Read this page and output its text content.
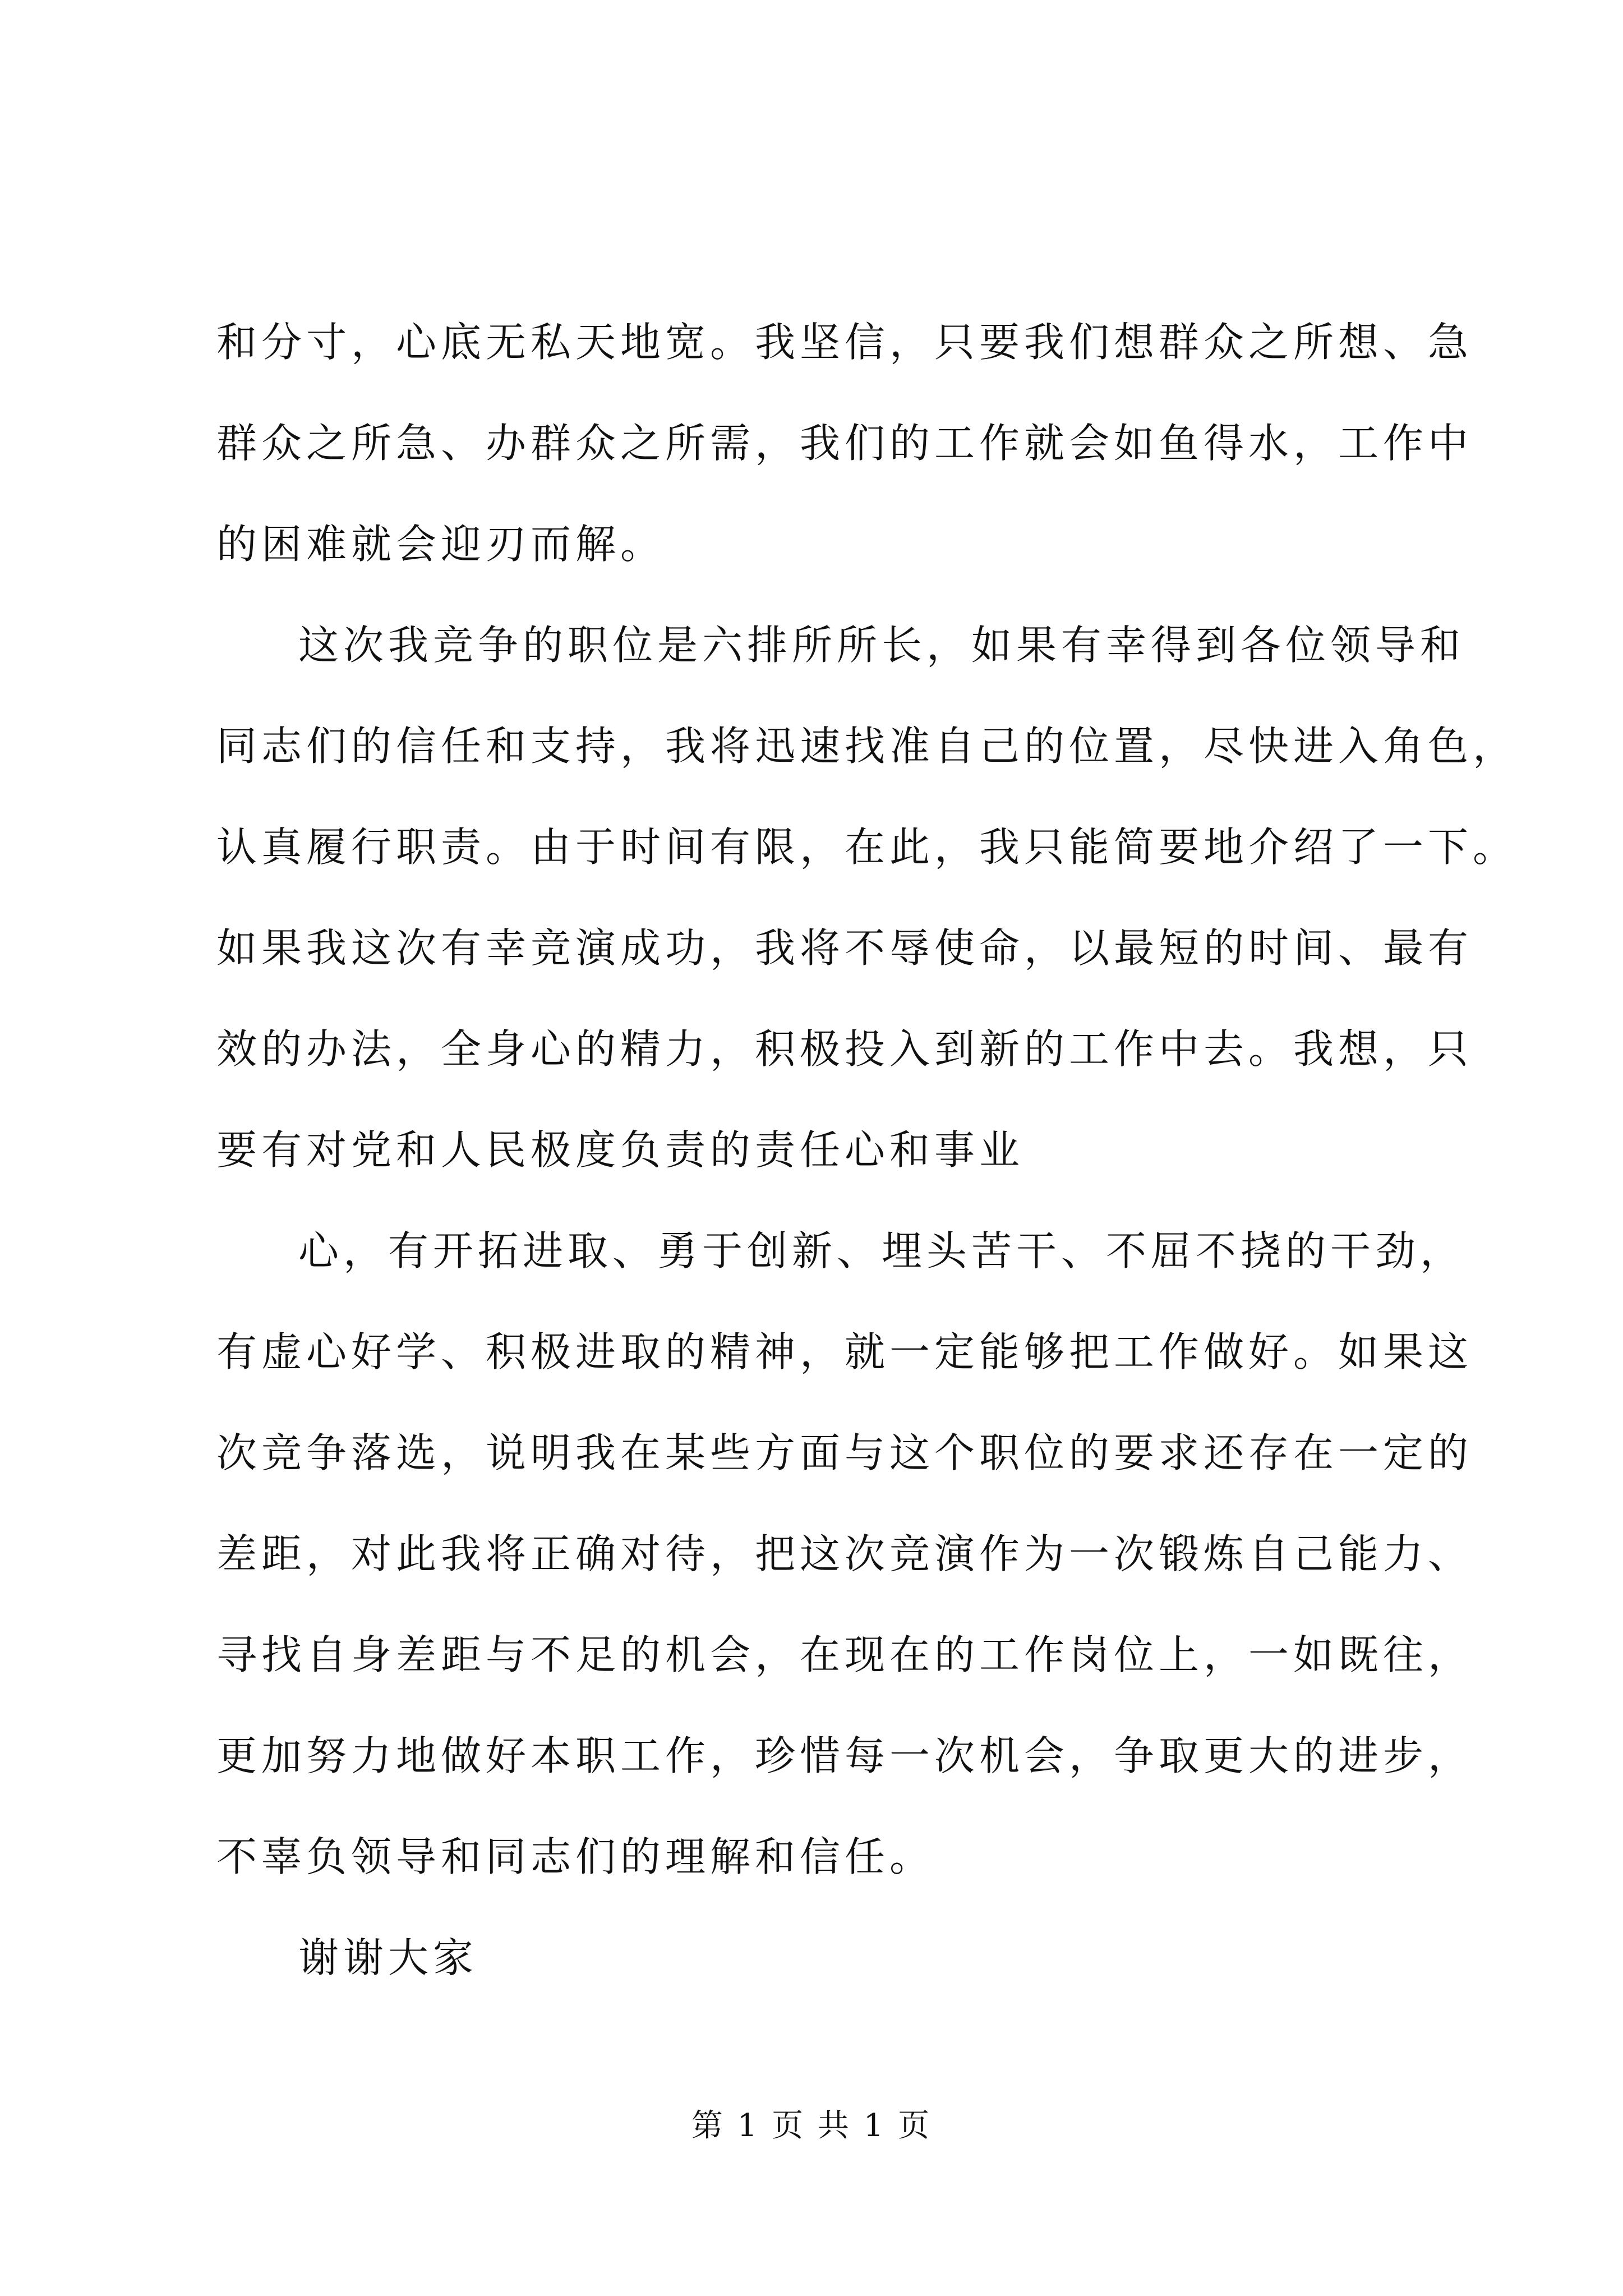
和分寸，心底无私天地宽。我坚信，只要我们想群众之所想、急
群众之所急、办群众之所需，我们的工作就会如鱼得水，工作中
的困难就会迎刃而解。
这次我竞争的职位是六排所所长，如果有幸得到各位领导和
同志们的信任和支持，我将迅速找准自己的位置，尽快进入角色，
认真履行职责。由于时间有限，在此，我只能简要地介绍了一下。
如果我这次有幸竞演成功，我将不辱使命，以最短的时间、最有
效的办法，全身心的精力，积极投入到新的工作中去。我想，只
要有对党和人民极度负责的责任心和事业
心，有开拓进取、勇于创新、埋头苦干、不屈不挠的干劲，
有虚心好学、积极进取的精神，就一定能够把工作做好。如果这
次竞争落选，说明我在某些方面与这个职位的要求还存在一定的
差距，对此我将正确对待，把这次竞演作为一次锻炼自己能力、
寻找自身差距与不足的机会，在现在的工作岗位上，一如既往，
更加努力地做好本职工作，珍惜每一次机会，争取更大的进步，
不辜负领导和同志们的理解和信任。
谢谢大家
第 1 页 共 1 页
